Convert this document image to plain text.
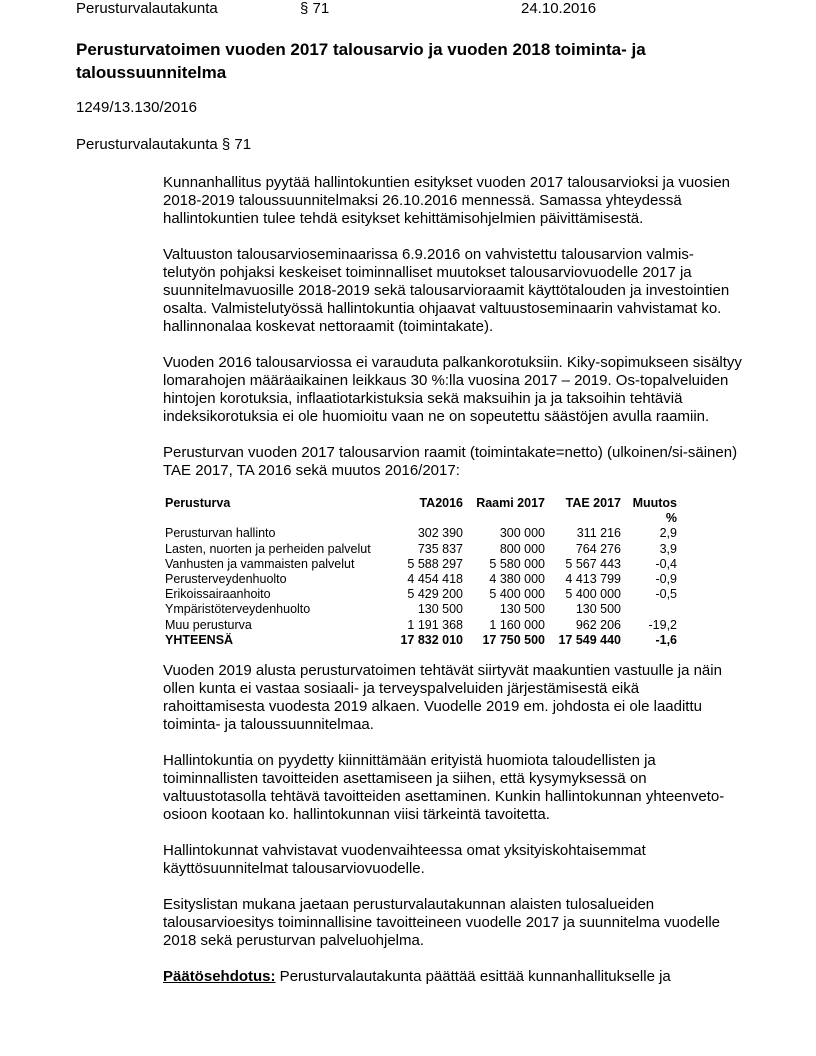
Perusturvalautakunta	§ 71	24.10.2016
Perusturvatoimen vuoden 2017 talousarvio ja vuoden 2018 toiminta- ja taloussuunnitelma
1249/13.130/2016
Perusturvalautakunta § 71

Kunnanhallitus pyytää hallintokuntien esitykset vuoden 2017 talousarvioksi ja vuosien 2018-2019 taloussuunnitelmaksi 26.10.2016 mennessä. Samassa yhteydessä hallintokuntien tulee tehdä esitykset kehittämisohjelmien päivittämisestä.

Valtuuston talousarvioseminaarissa 6.9.2016 on vahvistettu talousarvion valmis-telutyön pohjaksi keskeiset toiminnalliset muutokset talousarviovuodelle 2017 ja suunnitelmavuosille 2018-2019 sekä talousarvioraamit käyttötalouden ja investointien osalta. Valmistelutyössä hallintokuntia ohjaavat valtuustoseminaarin vahvistamat ko. hallinnonalaa koskevat nettoraamit (toimintakate).

Vuoden 2016 talousarviossa ei varauduta palkankorotuksiin. Kiky-sopimukseen sisältyy lomarahojen määräaikainen leikkaus 30 %:lla vuosina 2017 – 2019. Os-topalveluiden hintojen korotuksia, inflaatiotarkistuksia sekä maksuihin ja ja taksoihin tehtäviä indeksikorotuksia ei ole huomioitu vaan ne on sopeutettu säästöjen avulla raamiin.

Perusturvan vuoden 2017 talousarvion raamit (toimintakate=netto) (ulkoinen/si-säinen) TAE 2017, TA 2016 sekä muutos 2016/2017:

Perusturva	TA2016	Raami 2017	TAE 2017	Muutos
				%
Perusturvan hallinto	302 390	300 000	311 216	2,9
Lasten, nuorten ja perheiden palvelut	735 837	800 000	764 276	3,9
Vanhusten ja vammaisten palvelut	5 588 297	5 580 000	5 567 443	-0,4
Perusterveydenhuolto	4 454 418	4 380 000	4 413 799	-0,9
Erikoissairaanhoito	5 429 200	5 400 000	5 400 000	-0,5
Ympäristöterveydenhuolto	130 500	130 500	130 500	
Muu perusturva	1 191 368	1 160 000	962 206	-19,2
YHTEENSÄ	17 832 010	17 750 500	17 549 440	-1,6

Vuoden 2019 alusta perusturvatoimen tehtävät siirtyvät maakuntien vastuulle ja näin ollen kunta ei vastaa sosiaali- ja terveyspalveluiden järjestämisestä eikä rahoittamisesta vuodesta 2019 alkaen. Vuodelle 2019 em. johdosta ei ole laadittu toiminta- ja taloussuunnitelmaa.

Hallintokuntia on pyydetty kiinnittämään erityistä huomiota taloudellisten ja toiminnallisten tavoitteiden asettamiseen ja siihen, että kysymyksessä on valtuustotasolla tehtävä tavoitteiden asettaminen. Kunkin hallintokunnan yhteenveto-osioon kootaan ko. hallintokunnan viisi tärkeintä tavoitetta.

Hallintokunnat vahvistavat vuodenvaihteessa omat yksityiskohtaisemmat käyttösuunnitelmat talousarviovuodelle.

Esityslistan mukana jaetaan perusturvalautakunnan alaisten tulosalueiden talousarvioesitys toiminnallisine tavoitteineen vuodelle 2017 ja suunnitelma vuodelle 2018 sekä perusturvan palveluohjelma.

Päätösehdotus: Perusturvalautakunta päättää esittää kunnanhallitukselle ja
